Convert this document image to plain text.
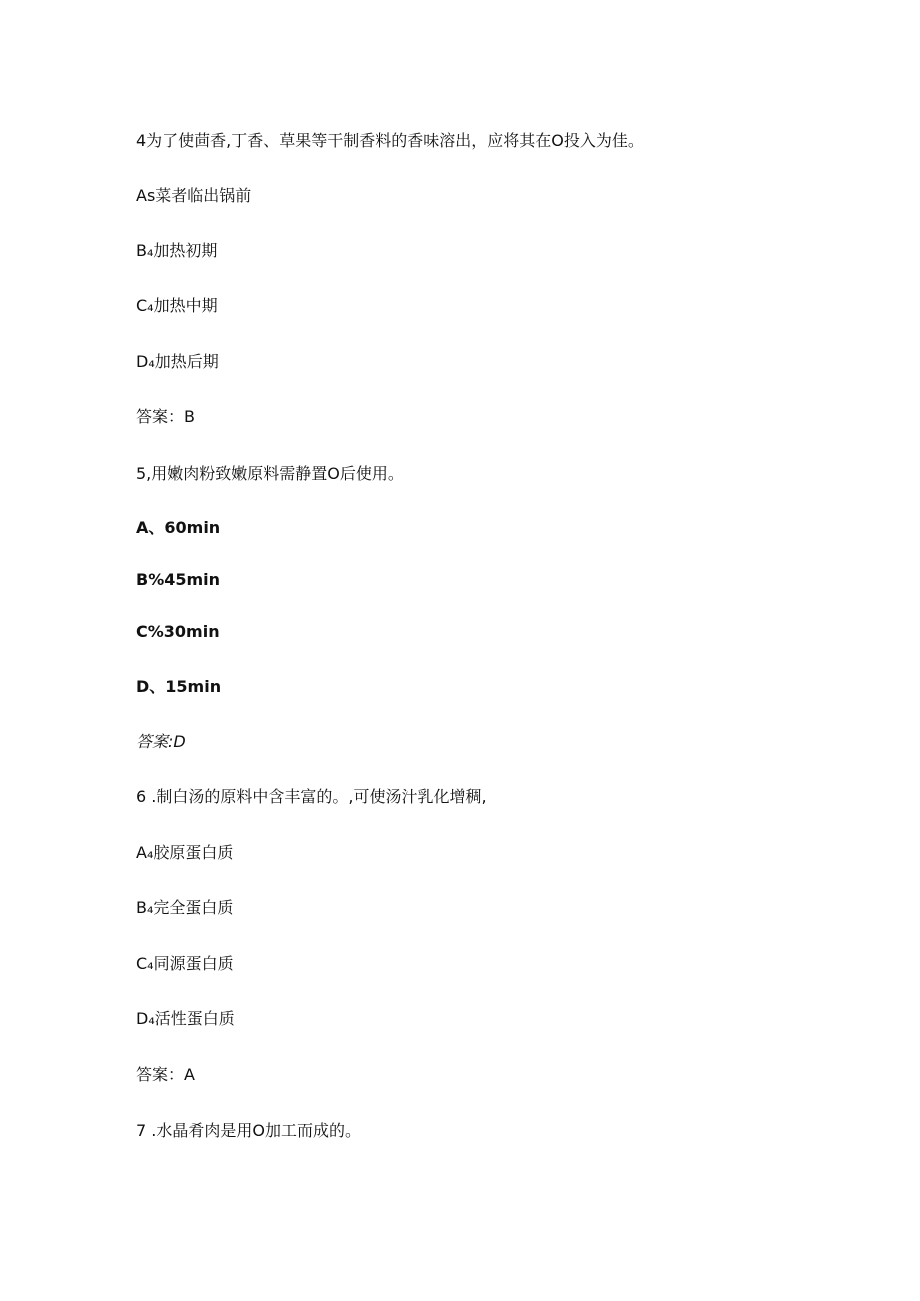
4为了使茴香,丁香、草果等干制香料的香味溶出，应将其在O投入为佳。
As菜者临出锅前
B₄加热初期
C₄加热中期
D₄加热后期
答案：B
5,用嫩肉粉致嫩原料需静置O后使用。
A、60min
B%45min
C%30min
D、15min
答案:D
6 .制白汤的原料中含丰富的。,可使汤汁乳化增稠,
A₄胶原蛋白质
B₄完全蛋白质
C₄同源蛋白质
D₄活性蛋白质
答案：A
7 .水晶肴肉是用O加工而成的。
